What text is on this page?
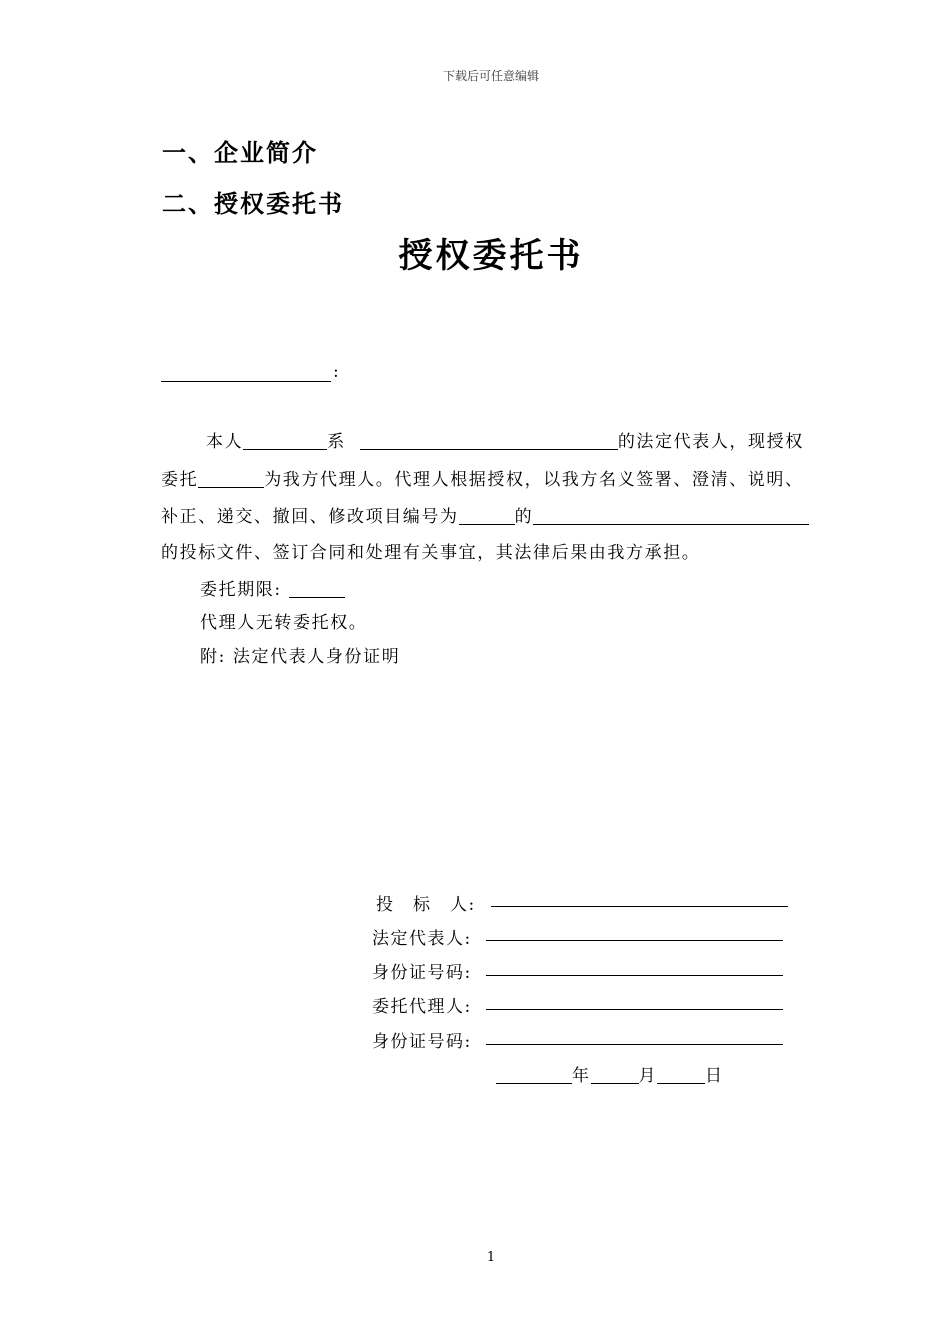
下载后可任意编辑
一、企业简介
二、授权委托书
授权委托书
:
本人	系	的法定代表人，现授权
委托	为我方代理人。代理人根据授权，以我方名义签署、澄清、说明、
补正、递交、撤回、修改项目编号为	的
的投标文件、签订合同和处理有关事宜，其法律后果由我方承担。
委托期限:
代理人无转委托权。
附: 法定代表人身份证明
投　标　人:
法定代表人:
身份证号码:
委托代理人:
身份证号码:
年	月	日
1
